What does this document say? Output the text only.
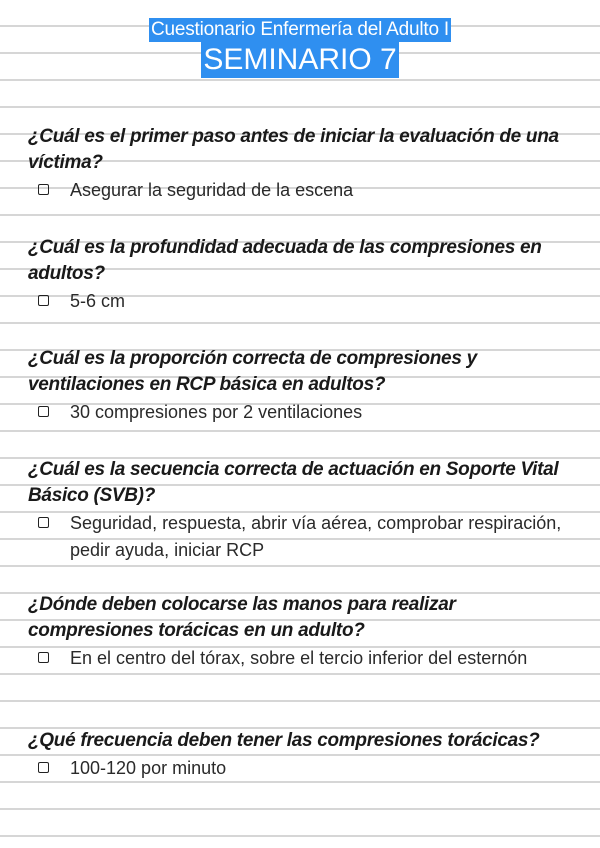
Cuestionario Enfermería del Adulto I
SEMINARIO 7
¿Cuál es el primer paso antes de iniciar la evaluación de una víctima?
Asegurar la seguridad de la escena
¿Cuál es la profundidad adecuada de las compresiones en adultos?
5-6 cm
¿Cuál es la proporción correcta de compresiones y ventilaciones en RCP básica en adultos?
30 compresiones por 2 ventilaciones
¿Cuál es la secuencia correcta de actuación en Soporte Vital Básico (SVB)?
Seguridad, respuesta, abrir vía aérea, comprobar respiración, pedir ayuda, iniciar RCP
¿Dónde deben colocarse las manos para realizar compresiones torácicas en un adulto?
En el centro del tórax, sobre el tercio inferior del esternón
¿Qué frecuencia deben tener las compresiones torácicas?
100-120 por minuto
